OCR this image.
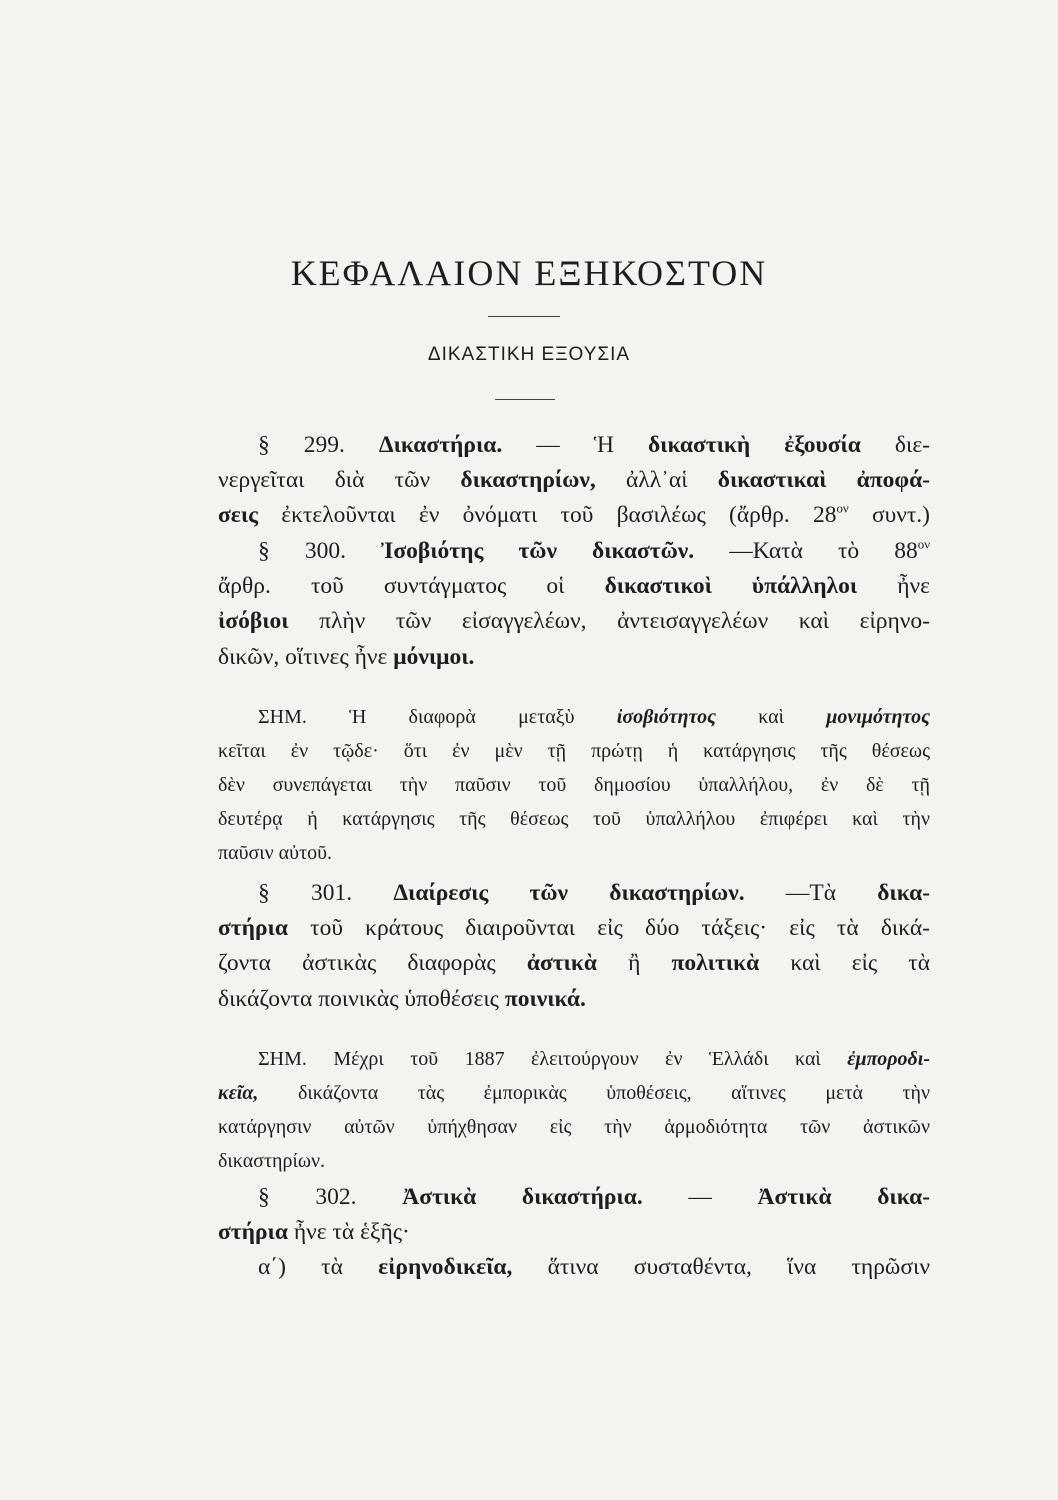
ΚΕΦΑΛΑΙΟΝ ΕΞΗΚΟΣΤΟΝ
ΔΙΚΑΣΤΙΚΗ ΕΞΟΥΣΙΑ
§ 299. Δικαστήρια. — Ἡ δικαστικὴ ἐξουσία διε-
νεργεῖται διὰ τῶν δικαστηρίων, ἀλλ᾿αἱ δικαστικαὶ ἀποφά-
σεις ἐκτελοῦνται ἐν ὀνόματι τοῦ βασιλέως (ἄρθρ. $28^{o\nu}$ συντ.)
§ 300. Ἰσοβιότης τῶν δικαστῶν. —Κατὰ τὸ $88^{o\nu}$
ἄρθρ. τοῦ συντάγματος οἱ δικαστικοὶ ὑπάλληλοι ἦνε
ἰσόβιοι πλὴν τῶν εἰσαγγελέων, ἀντεισαγγελέων καὶ εἰρηνο-
δικῶν, οἵτινες ἦνε μόνιμοι.
ΣΗΜ. Ἡ διαφορὰ μεταξὺ ἰσοβιότητος καὶ μονιμότητος
κεῖται ἐν τῷδε· ὅτι ἐν μὲν τῇ πρώτῃ ἡ κατάργησις τῆς θέσεως
δὲν συνεπάγεται τὴν παῦσιν τοῦ δημοσίου ὑπαλλήλου, ἐν δὲ τῇ
δευτέρᾳ ἡ κατάργησις τῆς θέσεως τοῦ ὑπαλλήλου ἐπιφέρει καὶ τὴν
παῦσιν αὐτοῦ.
§ 301. Διαίρεσις τῶν δικαστηρίων. —Τὰ δικα-
στήρια τοῦ κράτους διαιροῦνται εἰς δύο τάξεις· εἰς τὰ δικά-
ζοντα ἀστικὰς διαφορὰς ἀστικὰ ἢ πολιτικὰ καὶ εἰς τὰ
δικάζοντα ποινικὰς ὑποθέσεις ποινικά.
ΣΗΜ. Μέχρι τοῦ 1887 ἐλειτούργουν ἐν Ἑλλάδι καὶ ἐμποροδι-
κεῖα, δικάζοντα τὰς ἐμπορικὰς ὑποθέσεις, αἵτινες μετὰ τὴν
κατάργησιν αὐτῶν ὑπήχθησαν εἰς τὴν ἁρμοδιότητα τῶν ἀστικῶν
δικαστηρίων.
§ 302. Ἀστικὰ δικαστήρια. — Ἀστικὰ δικα-
στήρια ἦνε τὰ ἑξῆς·
α΄) τὰ εἰρηνοδικεῖα, ἅτινα συσταθέντα, ἵνα τηρῶσιν
